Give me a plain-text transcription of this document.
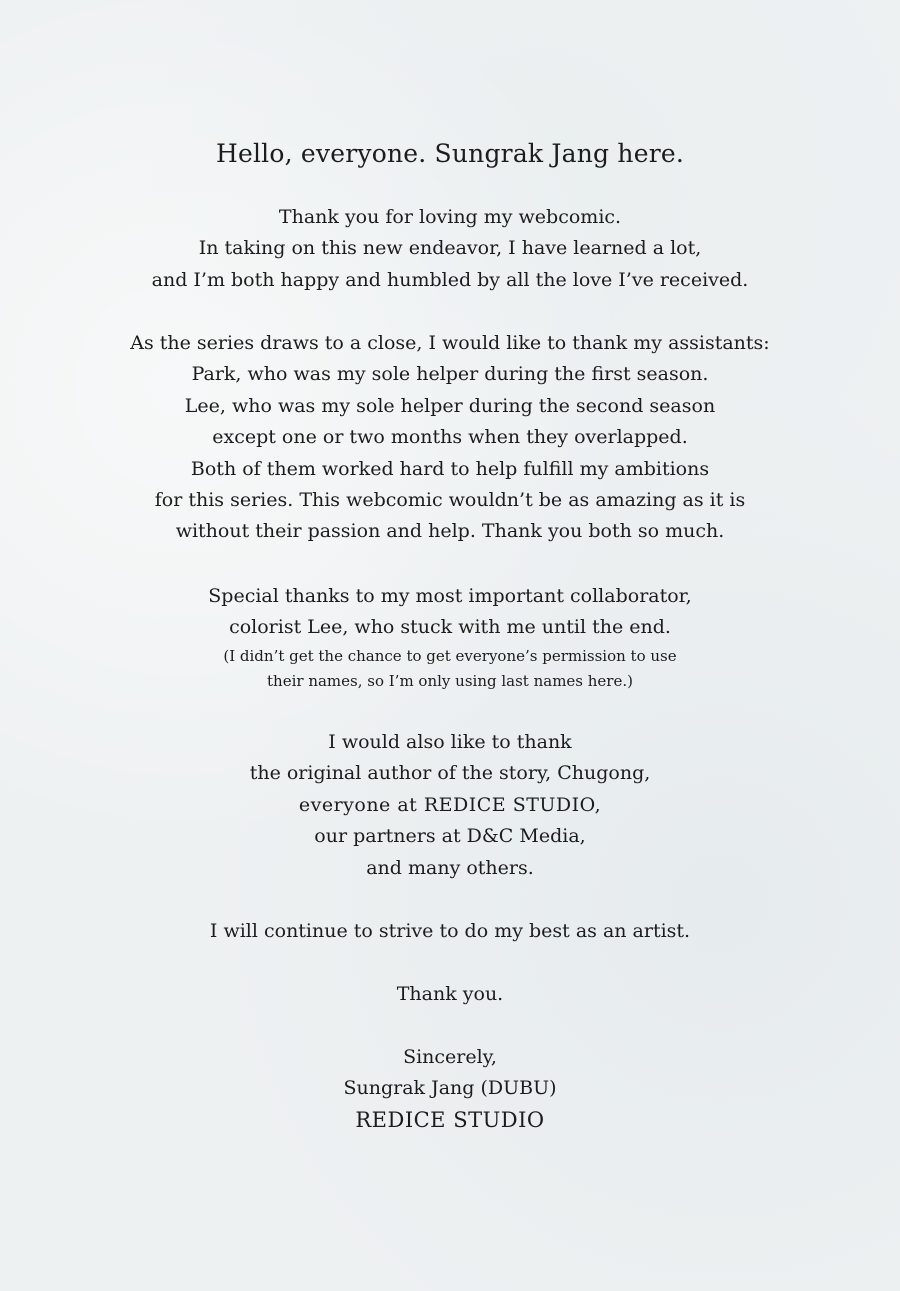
Hello, everyone. Sungrak Jang here.

Thank you for loving my webcomic.
In taking on this new endeavor, I have learned a lot,
and I’m both happy and humbled by all the love I’ve received.

As the series draws to a close, I would like to thank my assistants:
Park, who was my sole helper during the first season.
Lee, who was my sole helper during the second season
except one or two months when they overlapped.
Both of them worked hard to help fulfill my ambitions
for this series. This webcomic wouldn’t be as amazing as it is
without their passion and help. Thank you both so much.

Special thanks to my most important collaborator,
colorist Lee, who stuck with me until the end.
(I didn’t get the chance to get everyone’s permission to use
their names, so I’m only using last names here.)

I would also like to thank
the original author of the story, Chugong,
everyone at REDICE STUDIO,
our partners at D&C Media,
and many others.

I will continue to strive to do my best as an artist.

Thank you.

Sincerely,
Sungrak Jang (DUBU)
REDICE STUDIO
